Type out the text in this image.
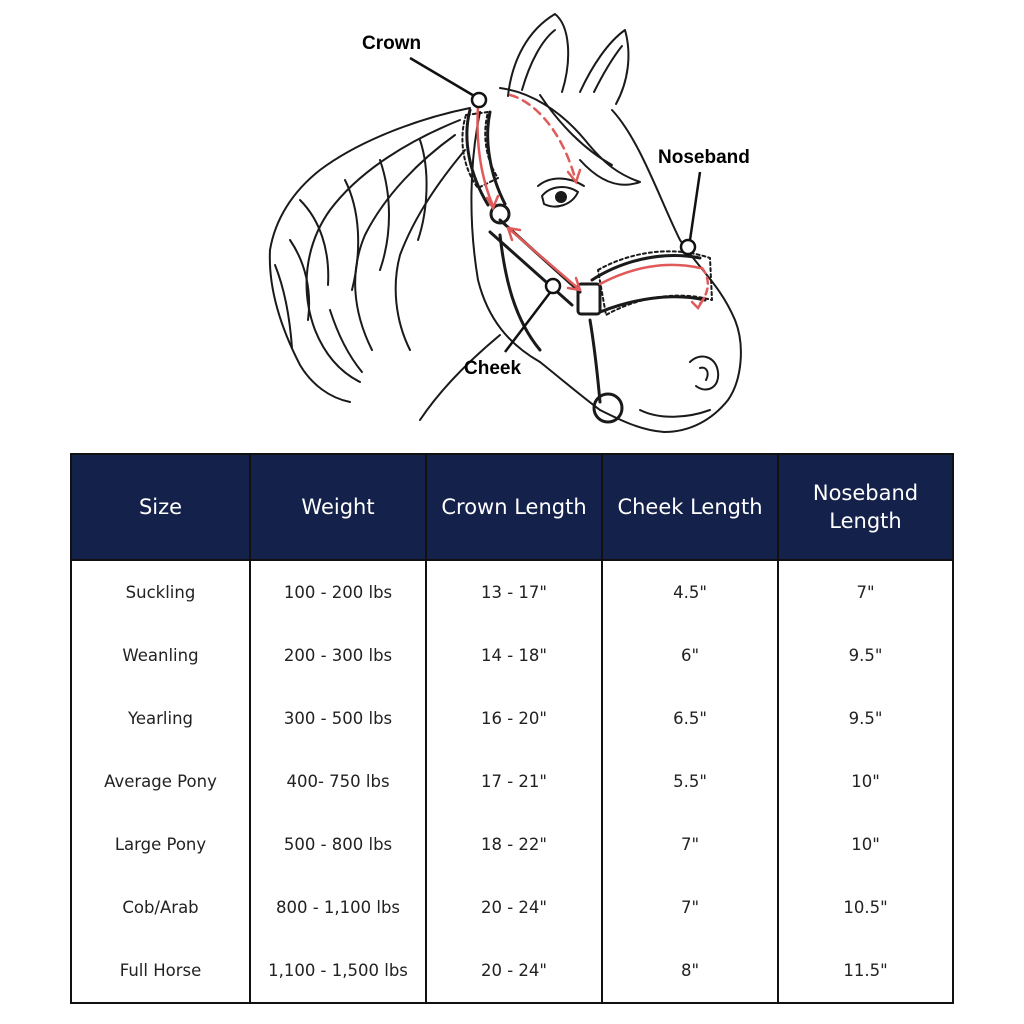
Crown
Noseband
Cheek
Size	Weight	Crown Length	Cheek Length	Noseband Length
Suckling	100 - 200 lbs	13 - 17"	4.5"	7"
Weanling	200 - 300 lbs	14 - 18"	6"	9.5"
Yearling	300 - 500 lbs	16 - 20"	6.5"	9.5"
Average Pony	400- 750 lbs	17 - 21"	5.5"	10"
Large Pony	500 - 800 lbs	18 - 22"	7"	10"
Cob/Arab	800 - 1,100 lbs	20 - 24"	7"	10.5"
Full Horse	1,100 - 1,500 lbs	20 - 24"	8"	11.5"
